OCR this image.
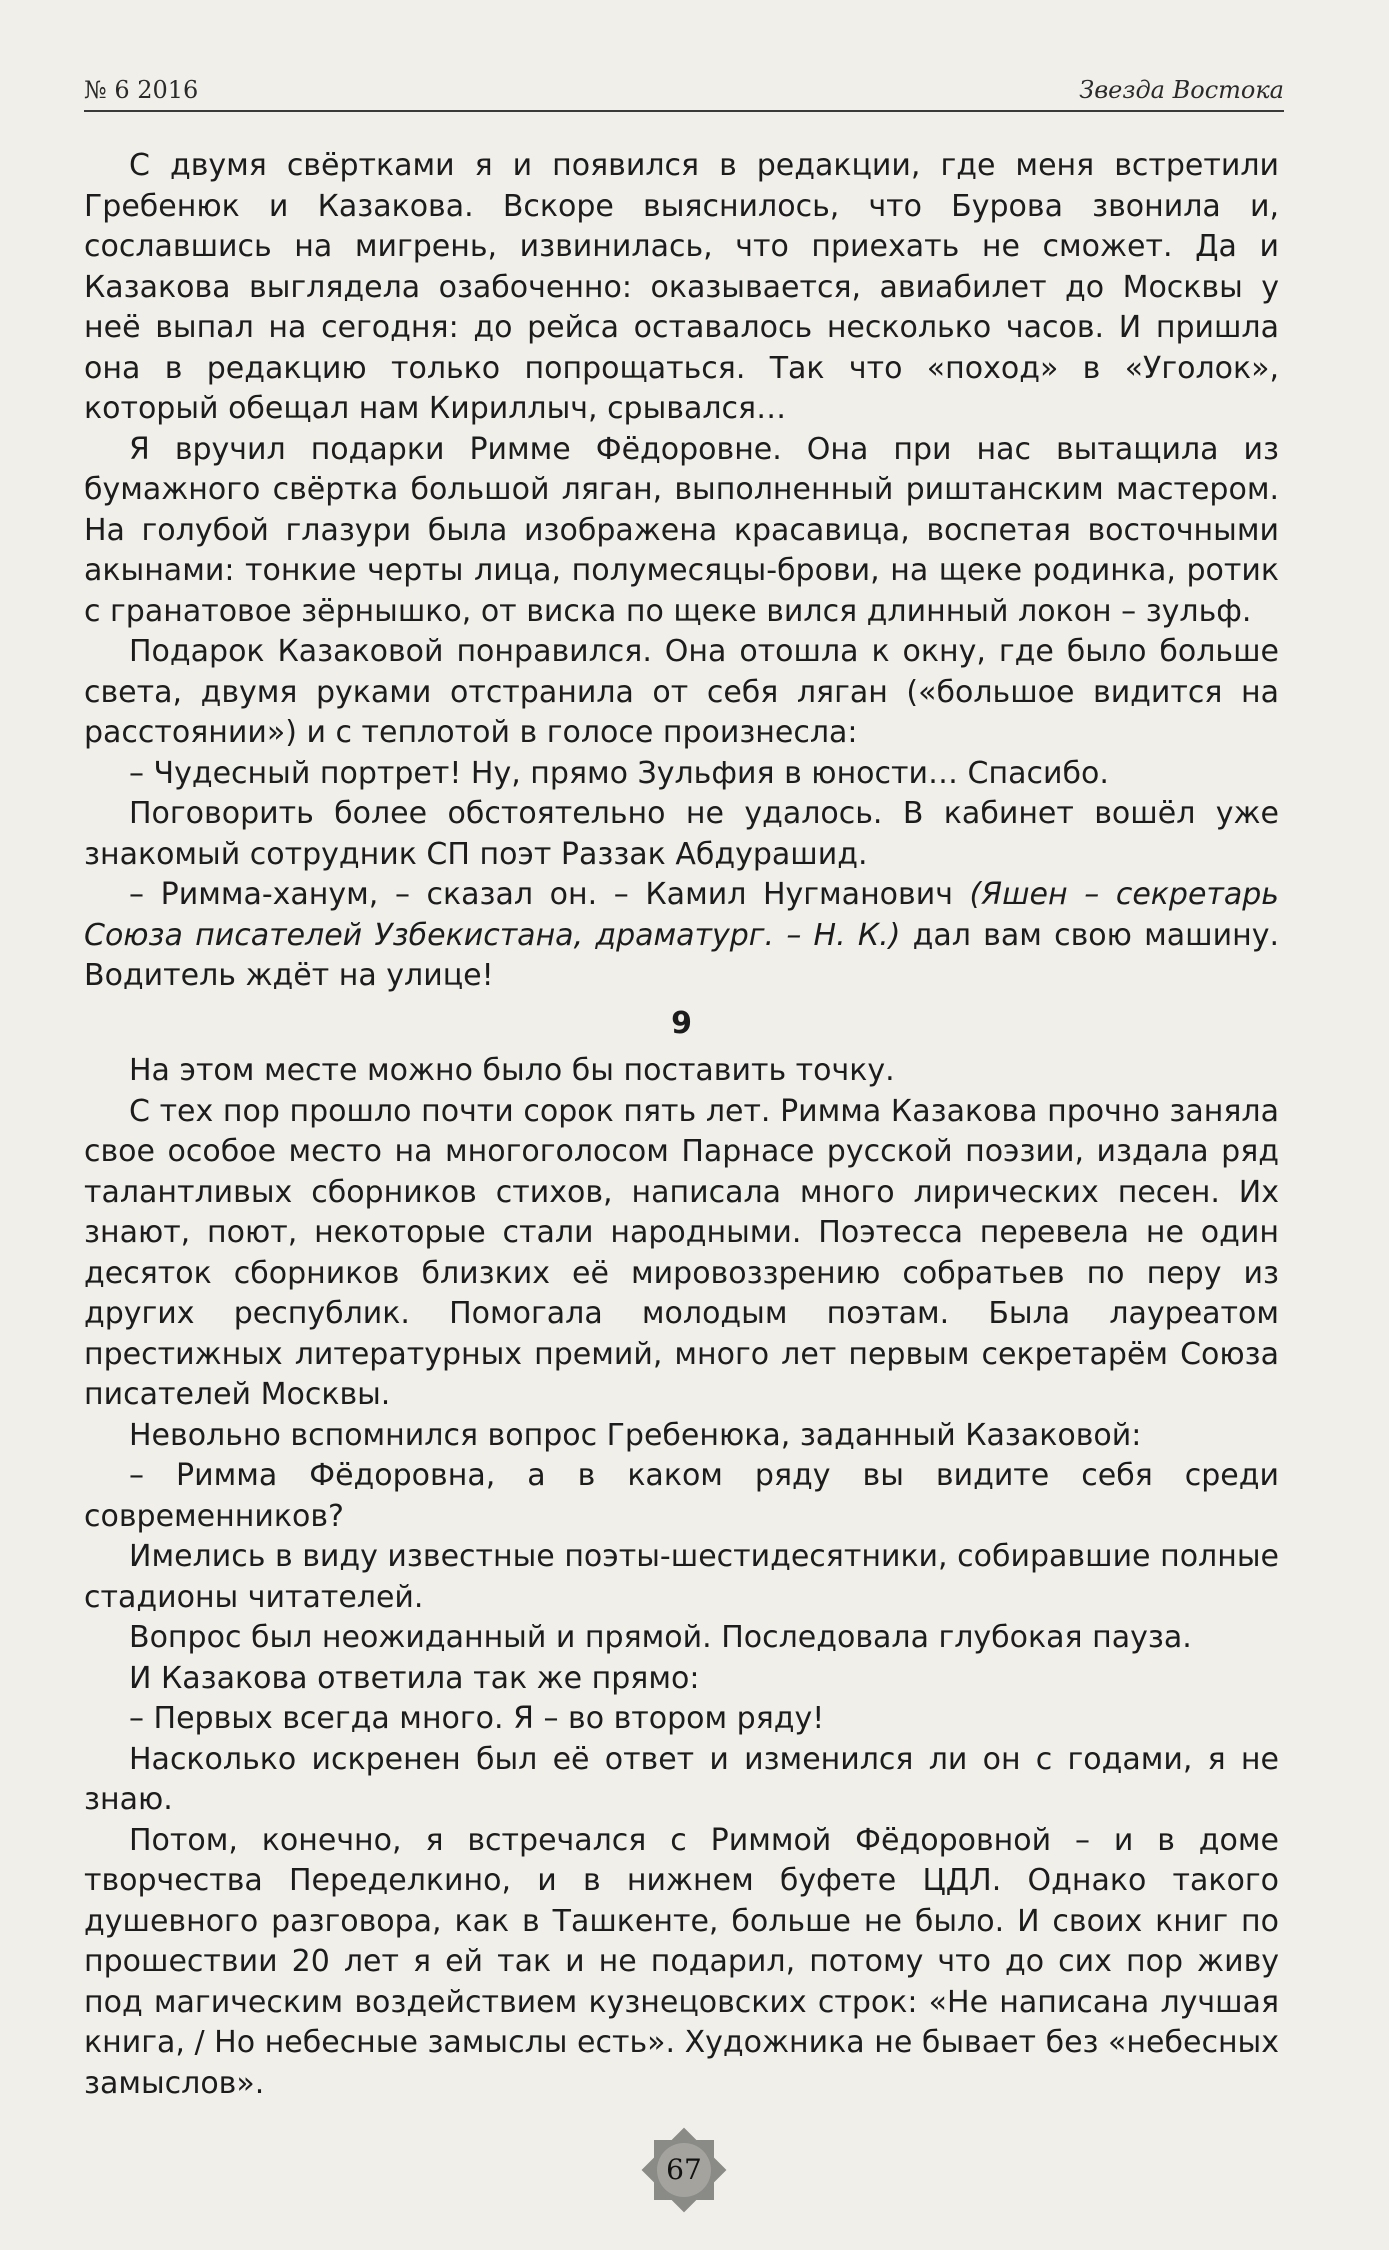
№ 6 2016	Звезда Востока

С двумя свёртками я и появился в редакции, где меня встретили Гребенюк и Казакова. Вскоре выяснилось, что Бурова звонила и, сославшись на мигрень, извинилась, что приехать не сможет. Да и Казакова выглядела озабоченно: оказывается, авиабилет до Москвы у неё выпал на сегодня: до рейса оставалось несколько часов. И пришла она в редакцию только попрощаться. Так что «поход» в «Уголок», который обещал нам Кириллыч, срывался…

Я вручил подарки Римме Фёдоровне. Она при нас вытащила из бумажного свёртка большой ляган, выполненный риштанским мастером. На голубой глазури была изображена красавица, воспетая восточными акынами: тонкие черты лица, полумесяцы-брови, на щеке родинка, ротик с гранатовое зёрнышко, от виска по щеке вился длинный локон – зульф.

Подарок Казаковой понравился. Она отошла к окну, где было больше света, двумя руками отстранила от себя ляган («большое видится на расстоянии») и с теплотой в голосе произнесла:

– Чудесный портрет! Ну, прямо Зульфия в юности… Спасибо.

Поговорить более обстоятельно не удалось. В кабинет вошёл уже знакомый сотрудник СП поэт Раззак Абдурашид.

– Римма-ханум, – сказал он. – Камил Нугманович (Яшен – секретарь Союза писателей Узбекистана, драматург. – Н. К.) дал вам свою машину. Водитель ждёт на улице!

9

На этом месте можно было бы поставить точку.

С тех пор прошло почти сорок пять лет. Римма Казакова прочно заняла свое особое место на многоголосом Парнасе русской поэзии, издала ряд талантливых сборников стихов, написала много лирических песен. Их знают, поют, некоторые стали народными. Поэтесса перевела не один десяток сборников близких её мировоззрению собратьев по перу из других республик. Помогала молодым поэтам. Была лауреатом престижных литературных премий, много лет первым секретарём Союза писателей Москвы.

Невольно вспомнился вопрос Гребенюка, заданный Казаковой:

– Римма Фёдоровна, а в каком ряду вы видите себя среди современников?

Имелись в виду известные поэты-шестидесятники, собиравшие полные стадионы читателей.

Вопрос был неожиданный и прямой. Последовала глубокая пауза.

И Казакова ответила так же прямо:

– Первых всегда много. Я – во втором ряду!

Насколько искренен был её ответ и изменился ли он с годами, я не знаю.

Потом, конечно, я встречался с Риммой Фёдоровной – и в доме творчества Переделкино, и в нижнем буфете ЦДЛ. Однако такого душевного разговора, как в Ташкенте, больше не было. И своих книг по прошествии 20 лет я ей так и не подарил, потому что до сих пор живу под магическим воздействием кузнецовских строк: «Не написана лучшая книга, / Но небесные замыслы есть». Художника не бывает без «небесных замыслов».

67
